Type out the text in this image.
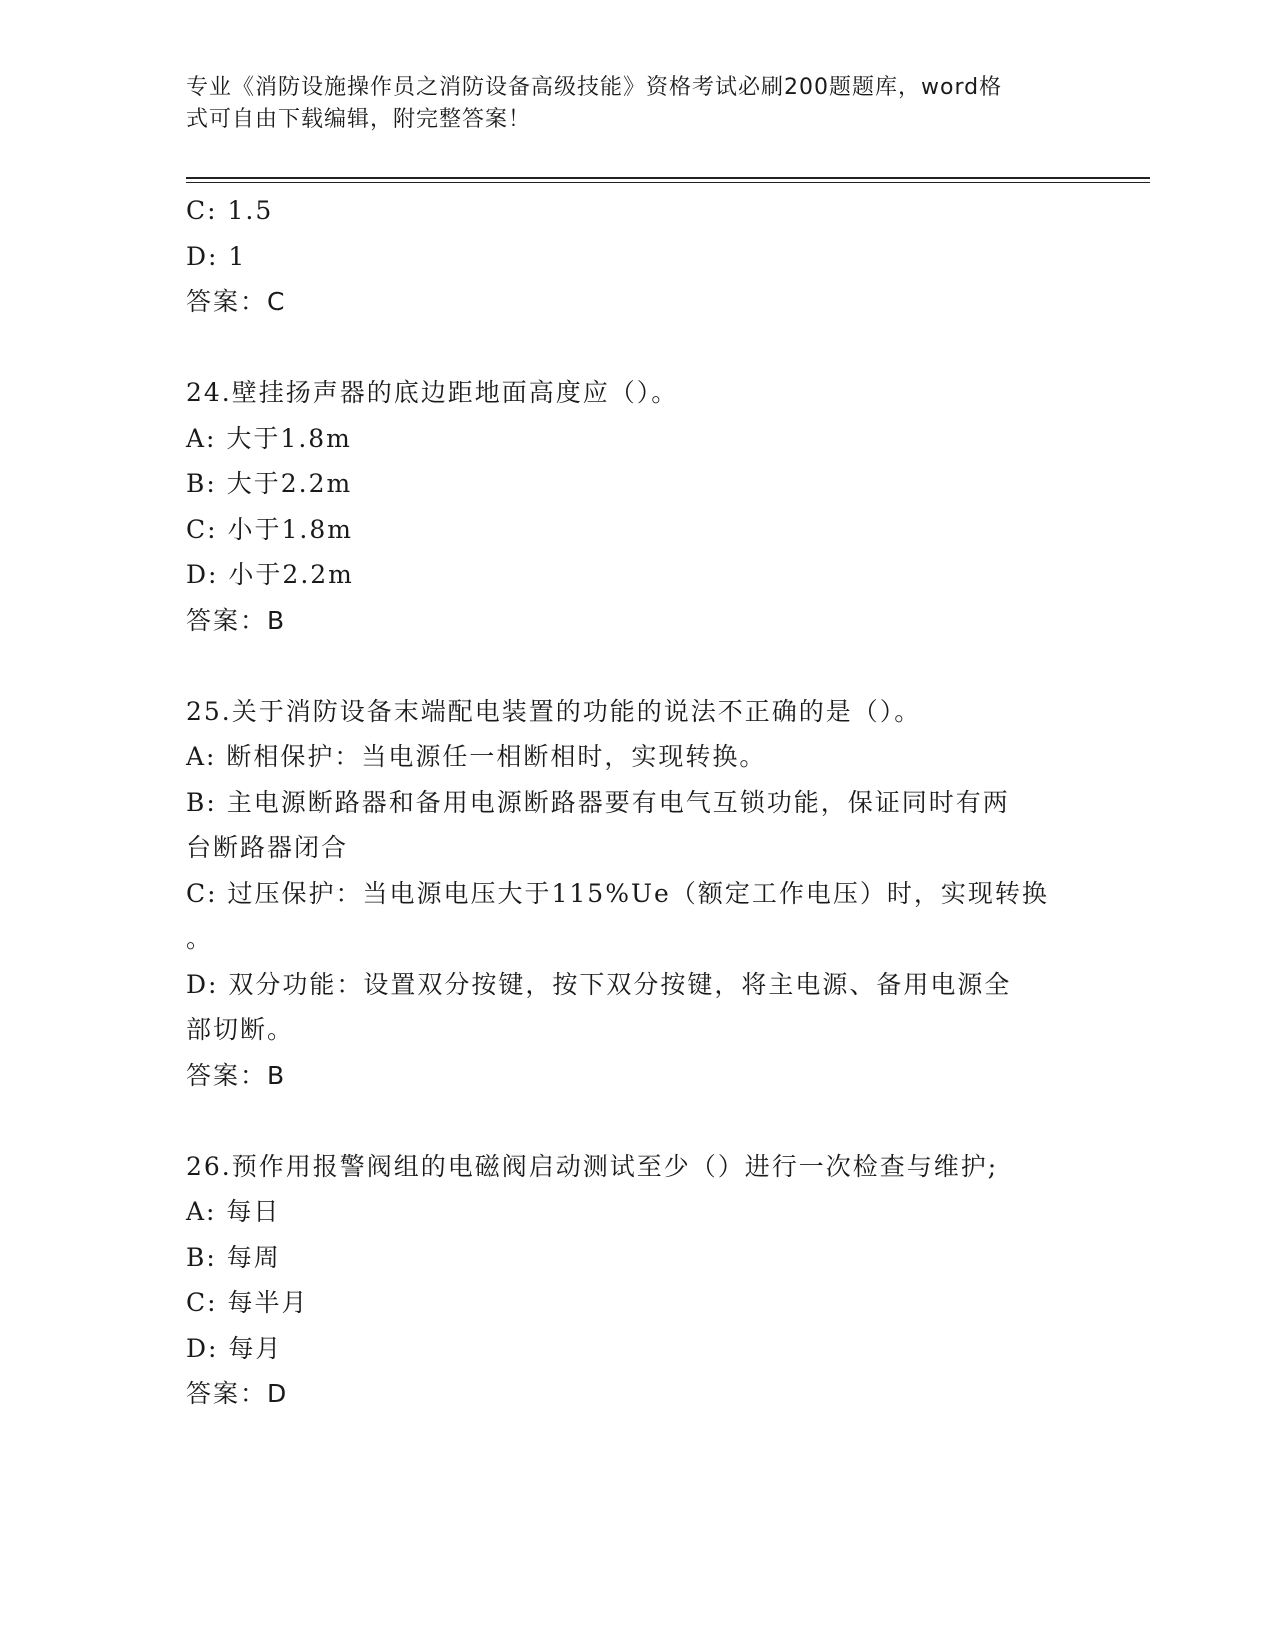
专业《消防设施操作员之消防设备高级技能》资格考试必刷200题题库，word格
式可自由下载编辑，附完整答案！
C: 1.5
D: 1
答案：C
24.壁挂扬声器的底边距地面高度应（）。
A: 大于1.8m
B: 大于2.2m
C: 小于1.8m
D: 小于2.2m
答案：B
25.关于消防设备末端配电装置的功能的说法不正确的是（）。
A: 断相保护：当电源任一相断相时，实现转换。
B: 主电源断路器和备用电源断路器要有电气互锁功能，保证同时有两
台断路器闭合
C: 过压保护：当电源电压大于115%Ue（额定工作电压）时，实现转换
。
D: 双分功能：设置双分按键，按下双分按键，将主电源、备用电源全
部切断。
答案：B
26.预作用报警阀组的电磁阀启动测试至少（）进行一次检查与维护;
A: 每日
B: 每周
C: 每半月
D: 每月
答案：D
